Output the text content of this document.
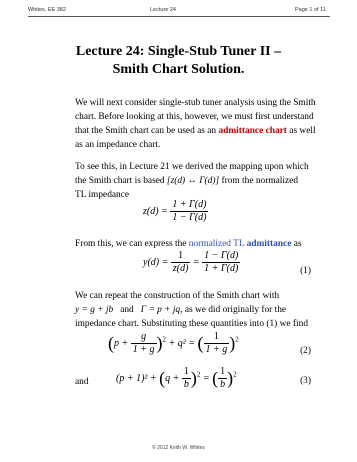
Whites, EE 382	Lecture 24	Page 1 of 11
Lecture 24: Single-Stub Tuner II –
Smith Chart Solution.
We will next consider single-stub tuner analysis using the Smith
chart. Before looking at this, however, we must first understand
that the Smith chart can be used as an admittance chart as well
as an impedance chart.
To see this, in Lecture 21 we derived the mapping upon which
the Smith chart is based [z(d) ↔ Γ(d)] from the normalized
TL impedance
$z(d) = \frac{1 + \Gamma(d)}{1 - \Gamma(d)}$
From this, we can express the normalized TL admittance as
$y(d) = \frac{1}{z(d)} = \frac{1 - \Gamma(d)}{1 + \Gamma(d)}$	(1)
We can repeat the construction of the Smith chart with
y = g + jb and Γ = p + jq, as we did originally for the
impedance chart. Substituting these quantities into (1) we find
$(p + \frac{g}{1 + g} )^2 + q^2$ = ( $\frac{1}{1 + g} )^2$
(2)
and	$(p + 1)^2 + (q + \frac{1}{b} )^2$ = ( $\frac{1}{b} )^2$
(3)
© 2012 Keith W. Whites
